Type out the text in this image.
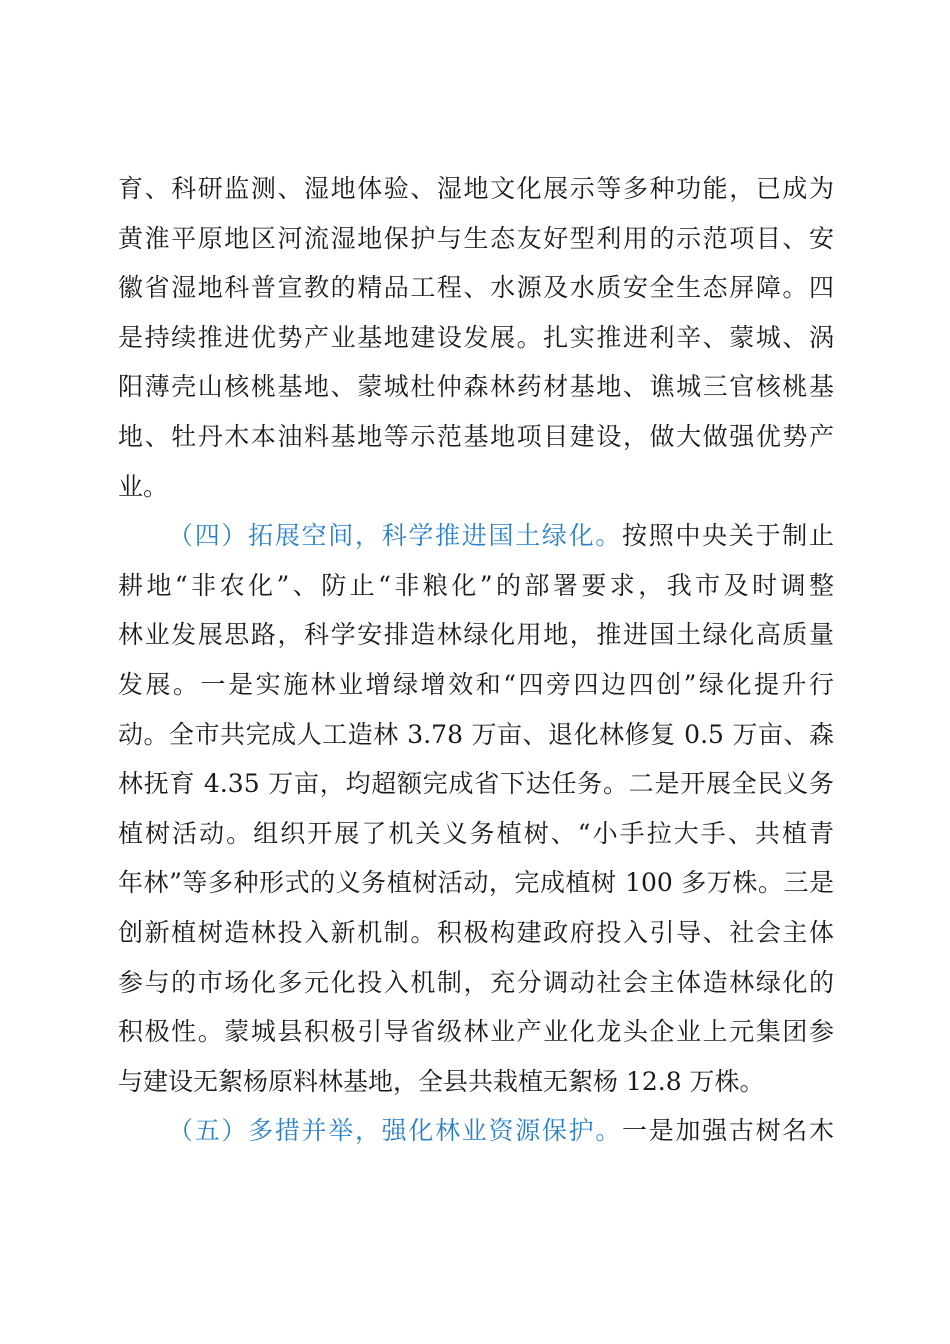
育、科研监测、湿地体验、湿地文化展示等多种功能，已成为
黄淮平原地区河流湿地保护与生态友好型利用的示范项目、安
徽省湿地科普宣教的精品工程、水源及水质安全生态屏障。四
是持续推进优势产业基地建设发展。扎实推进利辛、蒙城、涡
阳薄壳山核桃基地、蒙城杜仲森林药材基地、谯城三官核桃基
地、牡丹木本油料基地等示范基地项目建设，做大做强优势产
业。
（四）拓展空间，科学推进国土绿化。按照中央关于制止
耕地“非农化”、防止“非粮化”的部署要求，我市及时调整
林业发展思路，科学安排造林绿化用地，推进国土绿化高质量
发展。一是实施林业增绿增效和“四旁四边四创”绿化提升行
动。全市共完成人工造林 3.78 万亩、退化林修复 0.5 万亩、森
林抚育 4.35 万亩，均超额完成省下达任务。二是开展全民义务
植树活动。组织开展了机关义务植树、“小手拉大手、共植青
年林”等多种形式的义务植树活动，完成植树 100 多万株。三是
创新植树造林投入新机制。积极构建政府投入引导、社会主体
参与的市场化多元化投入机制，充分调动社会主体造林绿化的
积极性。蒙城县积极引导省级林业产业化龙头企业上元集团参
与建设无絮杨原料林基地，全县共栽植无絮杨 12.8 万株。
（五）多措并举，强化林业资源保护。一是加强古树名木
